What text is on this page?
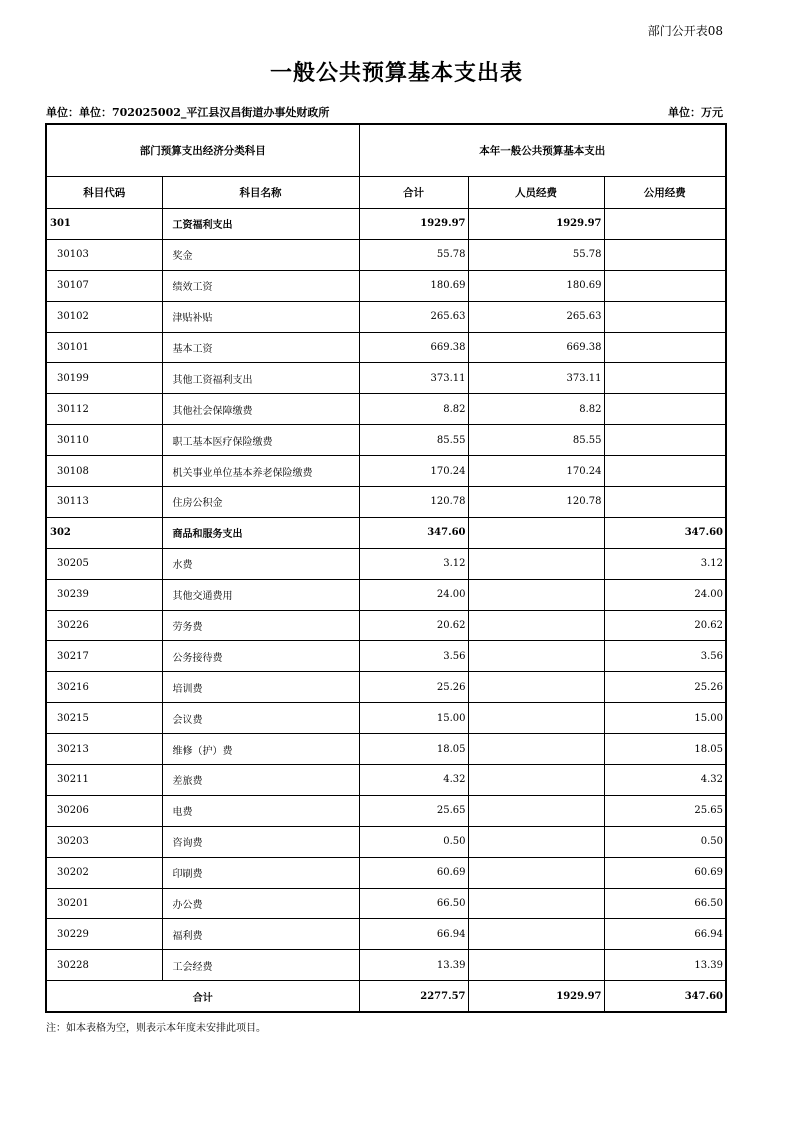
部门公开表08
一般公共预算基本支出表
单位：单位：702025002_平江县汉昌街道办事处财政所	单位：万元
部门预算支出经济分类科目		本年一般公共预算基本支出		
科目代码	科目名称	合计	人员经费	公用经费
301	工资福利支出	1929.97	1929.97	
30103	奖金	55.78	55.78	
30107	绩效工资	180.69	180.69	
30102	津贴补贴	265.63	265.63	
30101	基本工资	669.38	669.38	
30199	其他工资福利支出	373.11	373.11	
30112	其他社会保障缴费	8.82	8.82	
30110	职工基本医疗保险缴费	85.55	85.55	
30108	机关事业单位基本养老保险缴费	170.24	170.24	
30113	住房公积金	120.78	120.78	
302	商品和服务支出	347.60		347.60
30205	水费	3.12		3.12
30239	其他交通费用	24.00		24.00
30226	劳务费	20.62		20.62
30217	公务接待费	3.56		3.56
30216	培训费	25.26		25.26
30215	会议费	15.00		15.00
30213	维修（护）费	18.05		18.05
30211	差旅费	4.32		4.32
30206	电费	25.65		25.65
30203	咨询费	0.50		0.50
30202	印刷费	60.69		60.69
30201	办公费	66.50		66.50
30229	福利费	66.94		66.94
30228	工会经费	13.39		13.39
合计		2277.57	1929.97	347.60
注：如本表格为空，则表示本年度未安排此项目。
